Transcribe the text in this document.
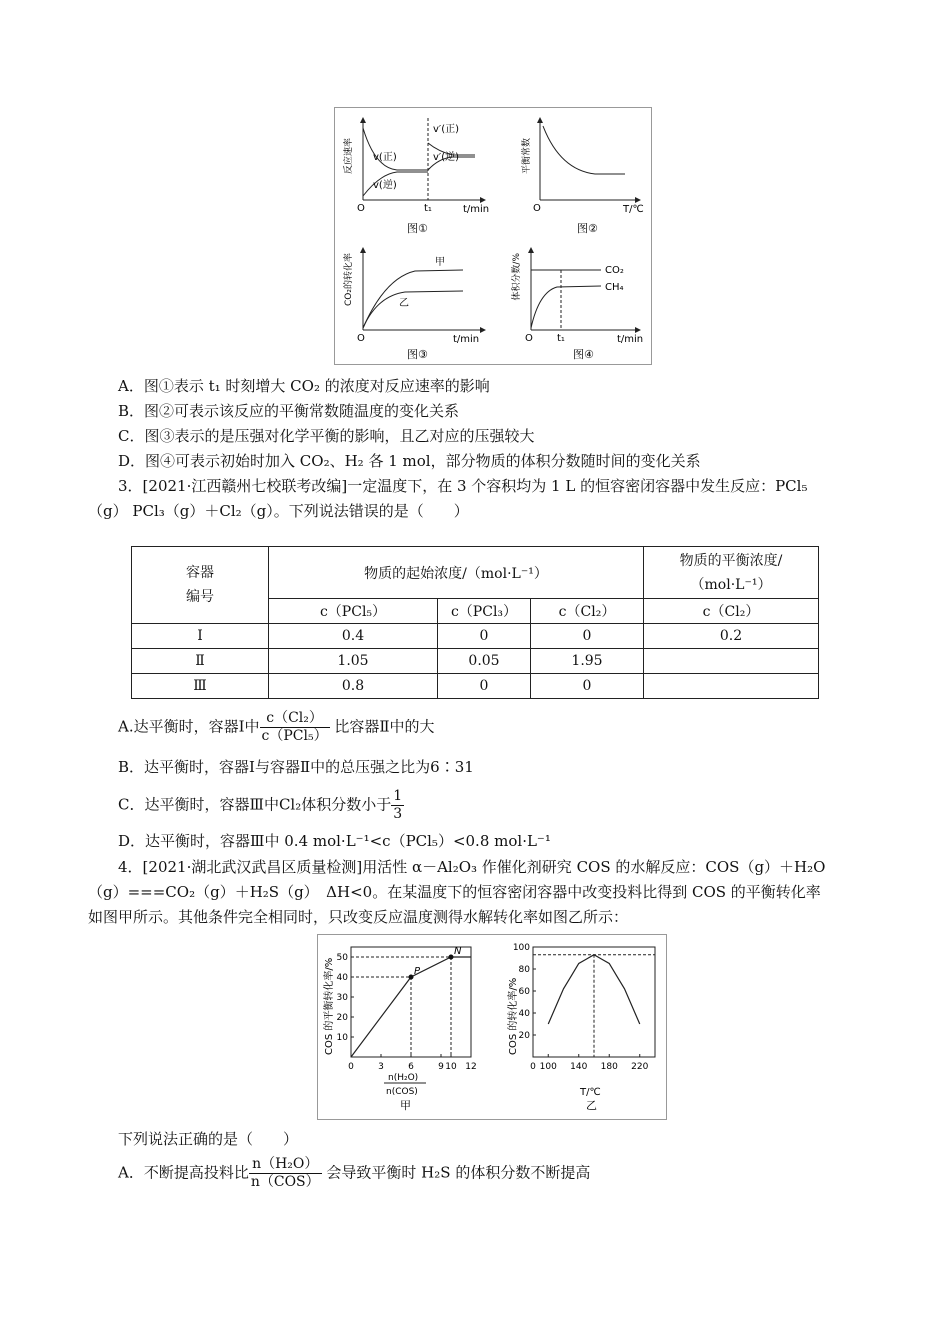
反应速率 v(正)
v(逆)
v′(正)
v′(逆)
O	t₁	t/min
图①
平衡常数
O	T/℃
图②
CO₂的转化率	甲
乙
O	t/min
图③
体积分数/%	CO₂
CH₄
O t₁	t/min
图④
A．图①表示 t₁ 时刻增大 CO₂ 的浓度对反应速率的影响
B．图②可表示该反应的平衡常数随温度的变化关系
C．图③表示的是压强对化学平衡的影响，且乙对应的压强较大
D．图④可表示初始时加入 CO₂、H₂ 各 1 mol，部分物质的体积分数随时间的变化关系
3．[2021·江西赣州七校联考改编]一定温度下，在 3 个容积均为 1 L 的恒容密闭容器中发生反应：PCl₅
（g） PCl₃（g）＋Cl₂（g）。下列说法错误的是（　　）
容器
编号	物质的起始浓度/（mol·L⁻¹）			物质的平衡浓度/
（mol·L⁻¹）
	c（PCl₅）	c（PCl₃）	c（Cl₂）	c（Cl₂）
Ⅰ	0.4	0	0	0.2
Ⅱ	1.05	0.05	1.95	
Ⅲ	0.8	0	0	
A.达平衡时，容器Ⅰ中 $\frac{\text{c（Cl₂）}}{\text{c（PCl₅）}}$ 比容器Ⅱ中的大
B．达平衡时，容器Ⅰ与容器Ⅱ中的总压强之比为6∶31
C．达平衡时，容器Ⅲ中Cl₂体积分数小于 $\frac{1}{3}$
D．达平衡时，容器Ⅲ中 0.4 mol·L⁻¹<c（PCl₅）<0.8 mol·L⁻¹
4．[2021·湖北武汉武昌区质量检测]用活性 α－Al₂O₃ 作催化剂研究 COS 的水解反应：COS（g）＋H₂O
（g）===CO₂（g）＋H₂S（g）　ΔH<0。在某温度下的恒容密闭容器中改变投料比得到 COS 的平衡转化率
如图甲所示。其他条件完全相同时，只改变反应温度测得水解转化率如图乙所示：
COS 的平衡转化率/% 10
20
30
40
50
0	3	6	9 10 12
P
N
n(H₂O)
n(COS)
甲
COS 的转化率/% 20
40
60
80
100
0 100 140 180 220
T/℃
乙
下列说法正确的是（　　）
A．不断提高投料比 $\frac{\text{n（H₂O）}}{\text{n（COS）}}$ 会导致平衡时 H₂S 的体积分数不断提高
